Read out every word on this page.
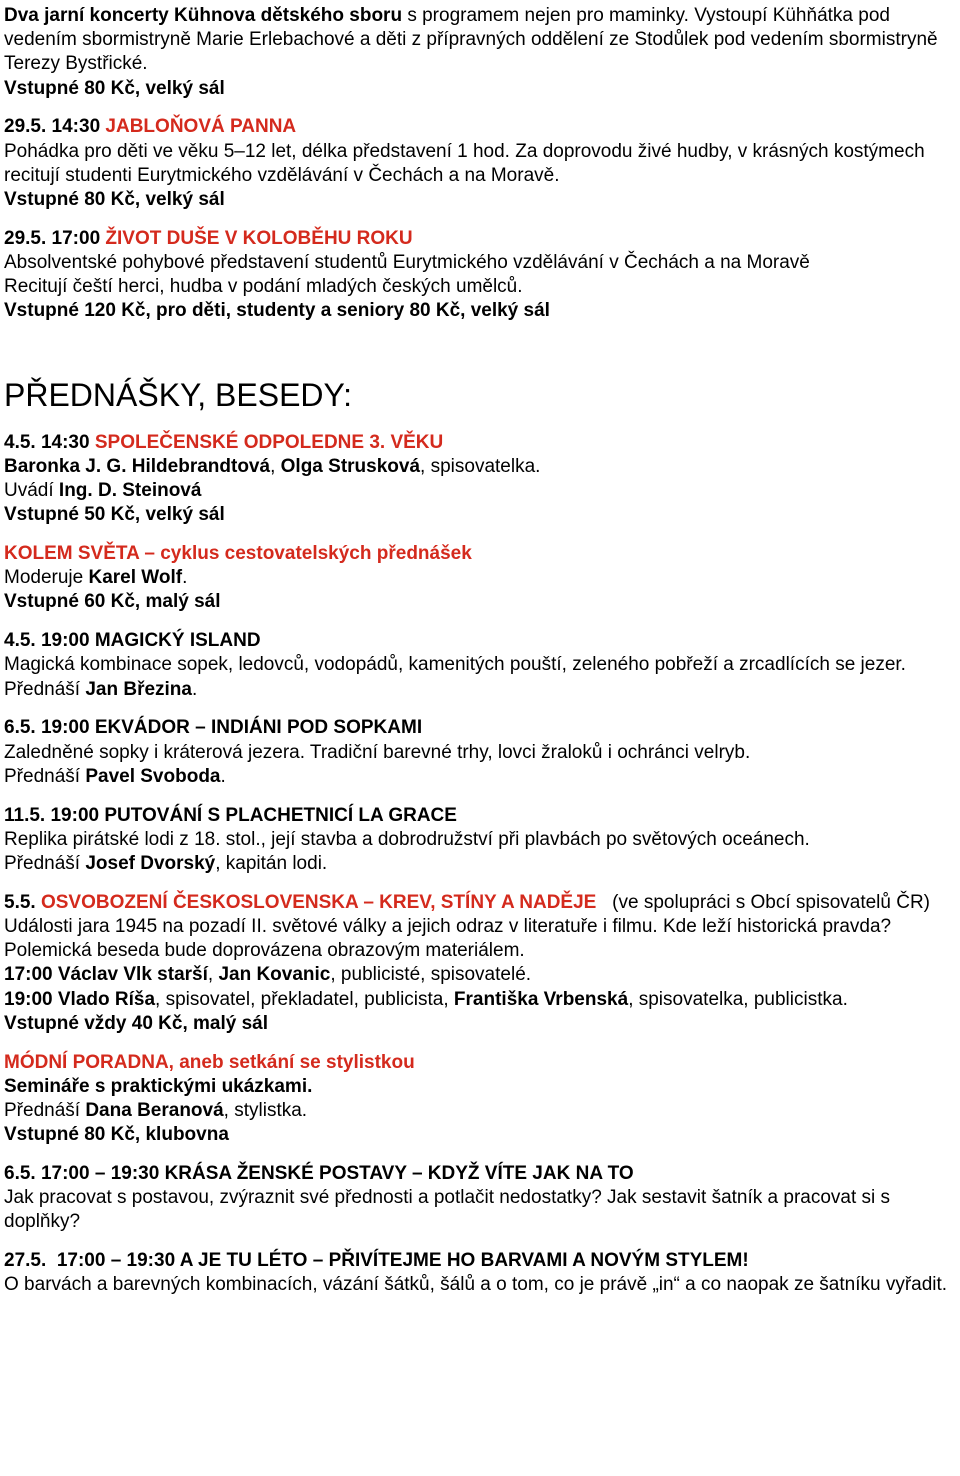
Dva jarní koncerty Kühnova dětského sboru s programem nejen pro maminky. Vystoupí Kühňátka pod vedením sbormistryně Marie Erlebachové a děti z přípravných oddělení ze Stodůlek pod vedením sbormistryně Terezy Bystřické.
Vstupné 80 Kč, velký sál
29.5. 14:30 JABLOŇOVÁ PANNA
Pohádka pro děti ve věku 5–12 let, délka představení 1 hod. Za doprovodu živé hudby, v krásných kostýmech recitují studenti Eurytmického vzdělávání v Čechách a na Moravě.
Vstupné 80 Kč, velký sál
29.5. 17:00 ŽIVOT DUŠE V KOLOBĚHU ROKU
Absolventské pohybové představení studentů Eurytmického vzdělávání v Čechách a na Moravě
Recitují čeští herci, hudba v podání mladých českých umělců.
Vstupné 120 Kč, pro děti, studenty a seniory 80 Kč, velký sál
PŘEDNÁŠKY, BESEDY:
4.5. 14:30 SPOLEČENSKÉ ODPOLEDNE 3. VĚKU
Baronka J. G. Hildebrandtová, Olga Strusková, spisovatelka.
Uvádí Ing. D. Steinová
Vstupné 50 Kč, velký sál
KOLEM SVĚTA – cyklus cestovatelských přednášek
Moderuje Karel Wolf.
Vstupné 60 Kč, malý sál
4.5. 19:00 MAGICKÝ ISLAND
Magická kombinace sopek, ledovců, vodopádů, kamenitých pouští, zeleného pobřeží a zrcadlících se jezer.
Přednáší Jan Březina.
6.5. 19:00 EKVÁDOR – INDIÁNI POD SOPKAMI
Zaledněné sopky i kráterová jezera. Tradiční barevné trhy, lovci žraloků i ochránci velryb.
Přednáší Pavel Svoboda.
11.5. 19:00 PUTOVÁNÍ S PLACHETNICÍ LA GRACE
Replika pirátské lodi z 18. stol., její stavba a dobrodružství při plavbách po světových oceánech.
Přednáší Josef Dvorský, kapitán lodi.
5.5. OSVOBOZENÍ ČESKOSLOVENSKA – KREV, STÍNY A NADĚJE   (ve spolupráci s Obcí spisovatelů ČR)
Události jara 1945 na pozadí II. světové války a jejich odraz v literatuře i filmu. Kde leží historická pravda? Polemická beseda bude doprovázena obrazovým materiálem.
17:00 Václav Vlk starší, Jan Kovanic, publicisté, spisovatelé.
19:00 Vlado Ríša, spisovatel, překladatel, publicista, Františka Vrbenská, spisovatelka, publicistka.
Vstupné vždy 40 Kč, malý sál
MÓDNÍ PORADNA, aneb setkání se stylistkou
Semináře s praktickými ukázkami.
Přednáší Dana Beranová, stylistka.
Vstupné 80 Kč, klubovna
6.5. 17:00 – 19:30 KRÁSA ŽENSKÉ POSTAVY – KDYŽ VÍTE JAK NA TO
Jak pracovat s postavou, zvýraznit své přednosti a potlačit nedostatky? Jak sestavit šatník a pracovat si s doplňky?
27.5.  17:00 – 19:30 A JE TU LÉTO – PŘIVÍTEJME HO BARVAMI A NOVÝM STYLEM!
O barvách a barevných kombinacích, vázání šátků, šálů a o tom, co je právě „in“ a co naopak ze šatníku vyřadit.
